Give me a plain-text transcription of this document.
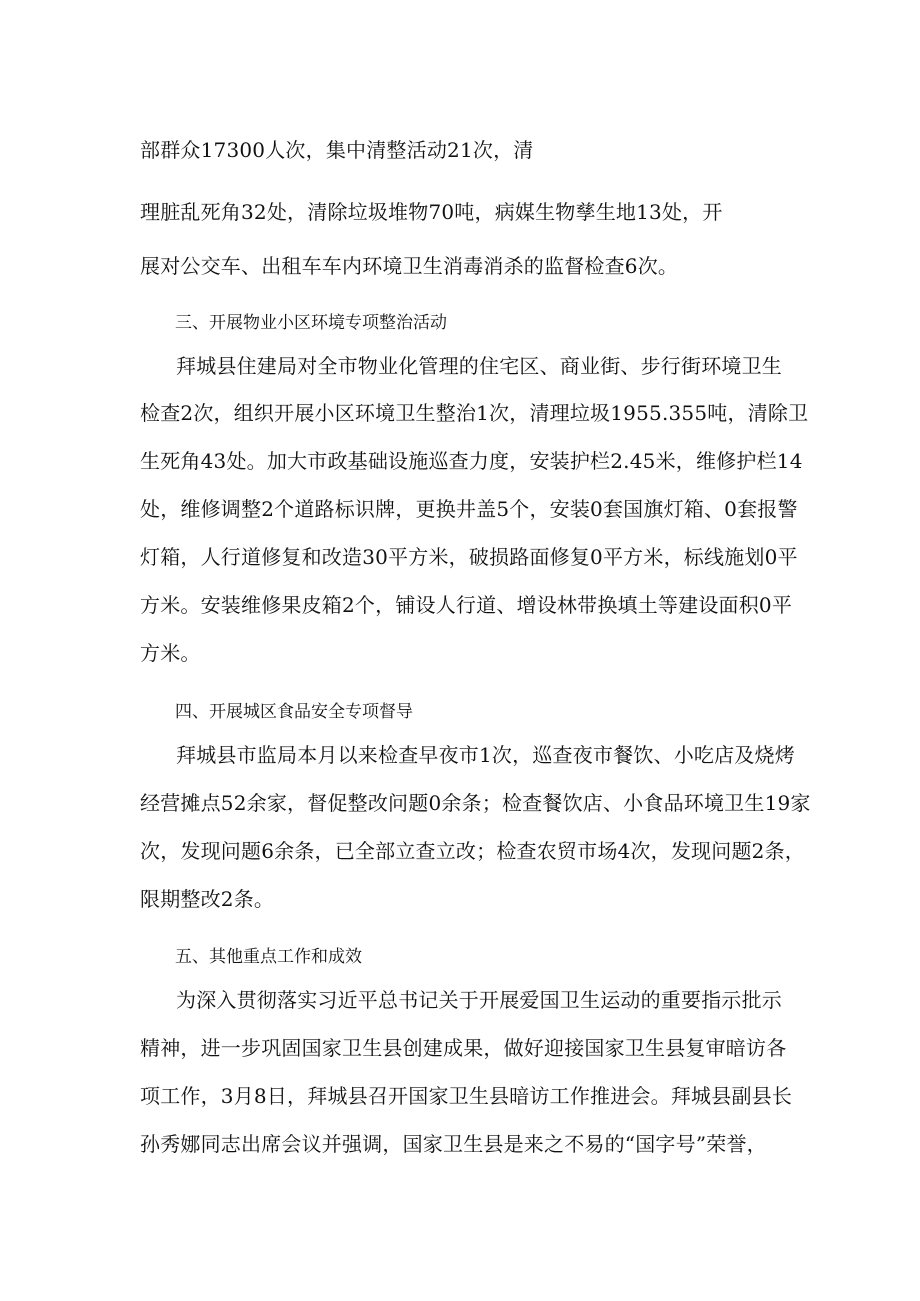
部群众17300人次，集中清整活动21次，清
理脏乱死角32处，清除垃圾堆物70吨，病媒生物孳生地13处，开
展对公交车、出租车车内环境卫生消毒消杀的监督检查6次。
三、开展物业小区环境专项整治活动
拜城县住建局对全市物业化管理的住宅区、商业街、步行街环境卫生
检查2次，组织开展小区环境卫生整治1次，清理垃圾1955.355吨，清除卫
生死角43处。加大市政基础设施巡查力度，安装护栏2.45米，维修护栏14
处，维修调整2个道路标识牌，更换井盖5个，安装0套国旗灯箱、0套报警
灯箱，人行道修复和改造30平方米，破损路面修复0平方米，标线施划0平
方米。安装维修果皮箱2个，铺设人行道、增设林带换填土等建设面积0平
方米。
四、开展城区食品安全专项督导
拜城县市监局本月以来检查早夜市1次，巡查夜市餐饮、小吃店及烧烤
经营摊点52余家，督促整改问题0余条；检查餐饮店、小食品环境卫生19家
次，发现问题6余条，已全部立查立改；检查农贸市场4次，发现问题2条，
限期整改2条。
五、其他重点工作和成效
为深入贯彻落实习近平总书记关于开展爱国卫生运动的重要指示批示
精神，进一步巩固国家卫生县创建成果，做好迎接国家卫生县复审暗访各
项工作，3月8日，拜城县召开国家卫生县暗访工作推进会。拜城县副县长
孙秀娜同志出席会议并强调，国家卫生县是来之不易的“国字号”荣誉，
